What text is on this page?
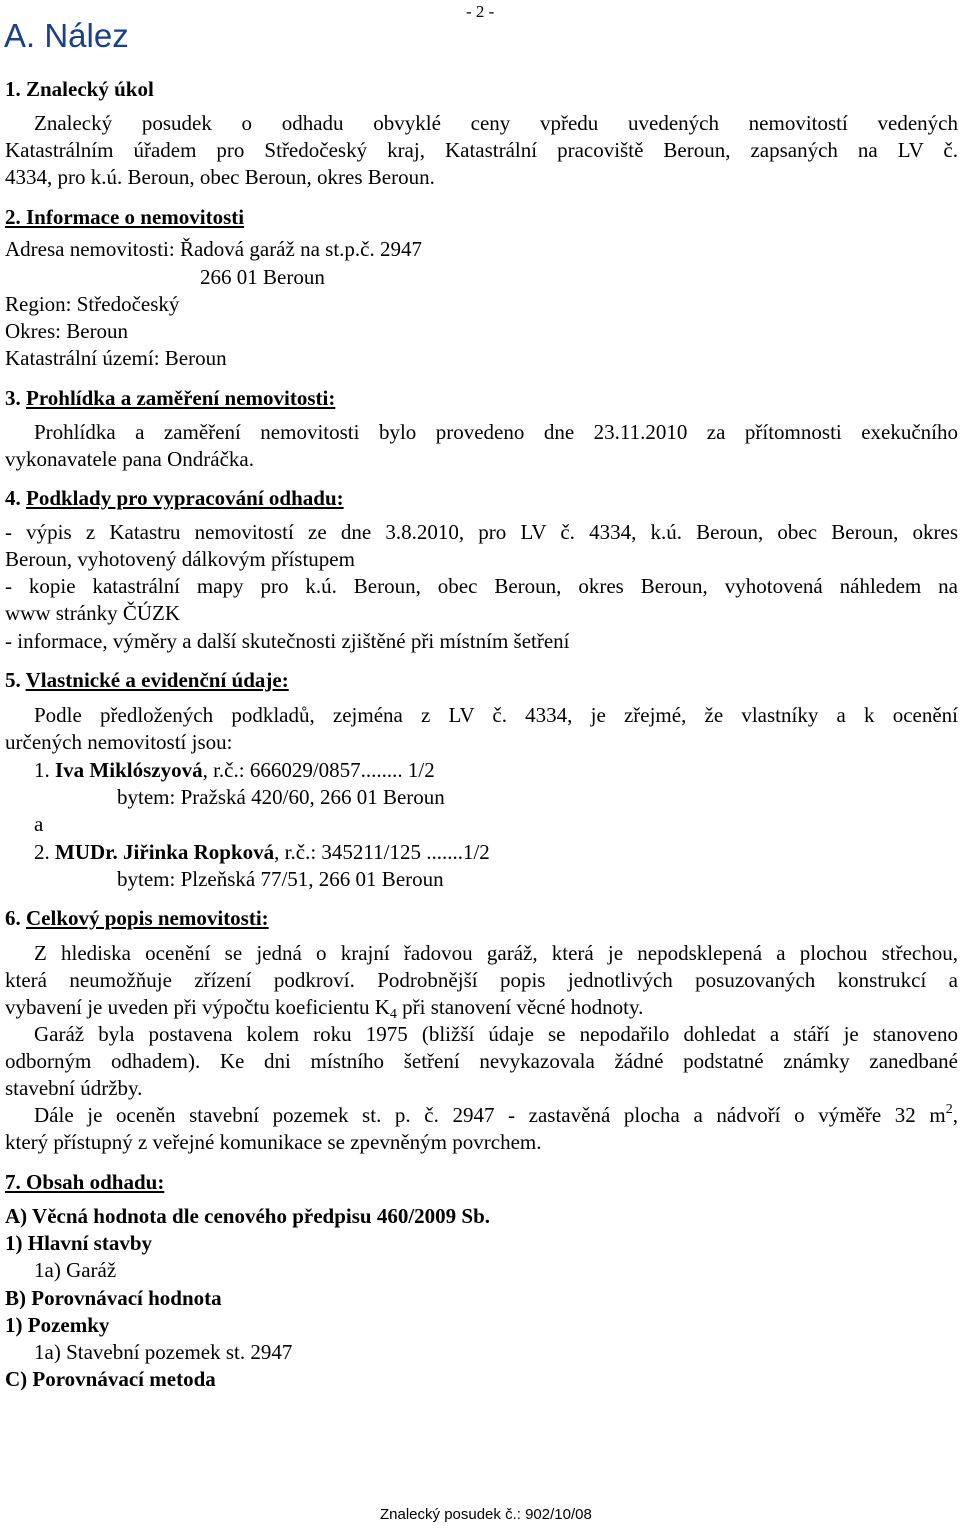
- 2 -
A. Nález
1. Znalecký úkol
Znalecký posudek o odhadu obvyklé ceny vpředu uvedených nemovitostí vedených
Katastrálním úřadem pro Středočeský kraj, Katastrální pracoviště Beroun, zapsaných na LV č.
4334, pro k.ú. Beroun, obec Beroun, okres Beroun.
2. Informace o nemovitosti
Adresa nemovitosti: Řadová garáž na st.p.č. 2947
266 01 Beroun
Region: Středočeský
Okres: Beroun
Katastrální území: Beroun
3. Prohlídka a zaměření nemovitosti:
Prohlídka a zaměření nemovitosti bylo provedeno dne 23.11.2010 za přítomnosti exekučního
vykonavatele pana Ondráčka.
4. Podklady pro vypracování odhadu:
- výpis z Katastru nemovitostí ze dne 3.8.2010, pro LV č. 4334, k.ú. Beroun, obec Beroun, okres
Beroun, vyhotovený dálkovým přístupem
- kopie katastrální mapy pro k.ú. Beroun, obec Beroun, okres Beroun, vyhotovená náhledem na
www stránky ČÚZK
- informace, výměry a další skutečnosti zjištěné při místním šetření
5. Vlastnické a evidenční údaje:
Podle předložených podkladů, zejména z LV č. 4334, je zřejmé, že vlastníky a k ocenění
určených nemovitostí jsou:
1. Iva Miklószyová, r.č.: 666029/0857........ 1/2
bytem: Pražská 420/60, 266 01 Beroun
a
2. MUDr. Jiřinka Ropková, r.č.: 345211/125 .......1/2
bytem: Plzeňská 77/51, 266 01 Beroun
6. Celkový popis nemovitosti:
Z hlediska ocenění se jedná o krajní řadovou garáž, která je nepodsklepená a plochou střechou,
která neumožňuje zřízení podkroví. Podrobnější popis jednotlivých posuzovaných konstrukcí a
vybavení je uveden při výpočtu koeficientu $K_4$ při stanovení věcné hodnoty.
Garáž byla postavena kolem roku 1975 (bližší údaje se nepodařilo dohledat a stáří je stanoveno
odborným odhadem). Ke dni místního šetření nevykazovala žádné podstatné známky zanedbané
stavební údržby.
Dále je oceněn stavební pozemek st. p. č. 2947 - zastavěná plocha a nádvoří o výměře 32 $m^2$,
který přístupný z veřejné komunikace se zpevněným povrchem.
7. Obsah odhadu:
A) Věcná hodnota dle cenového předpisu 460/2009 Sb.
1) Hlavní stavby
1a) Garáž
B) Porovnávací hodnota
1) Pozemky
1a) Stavební pozemek st. 2947
C) Porovnávací metoda
Znalecký posudek č.: 902/10/08
